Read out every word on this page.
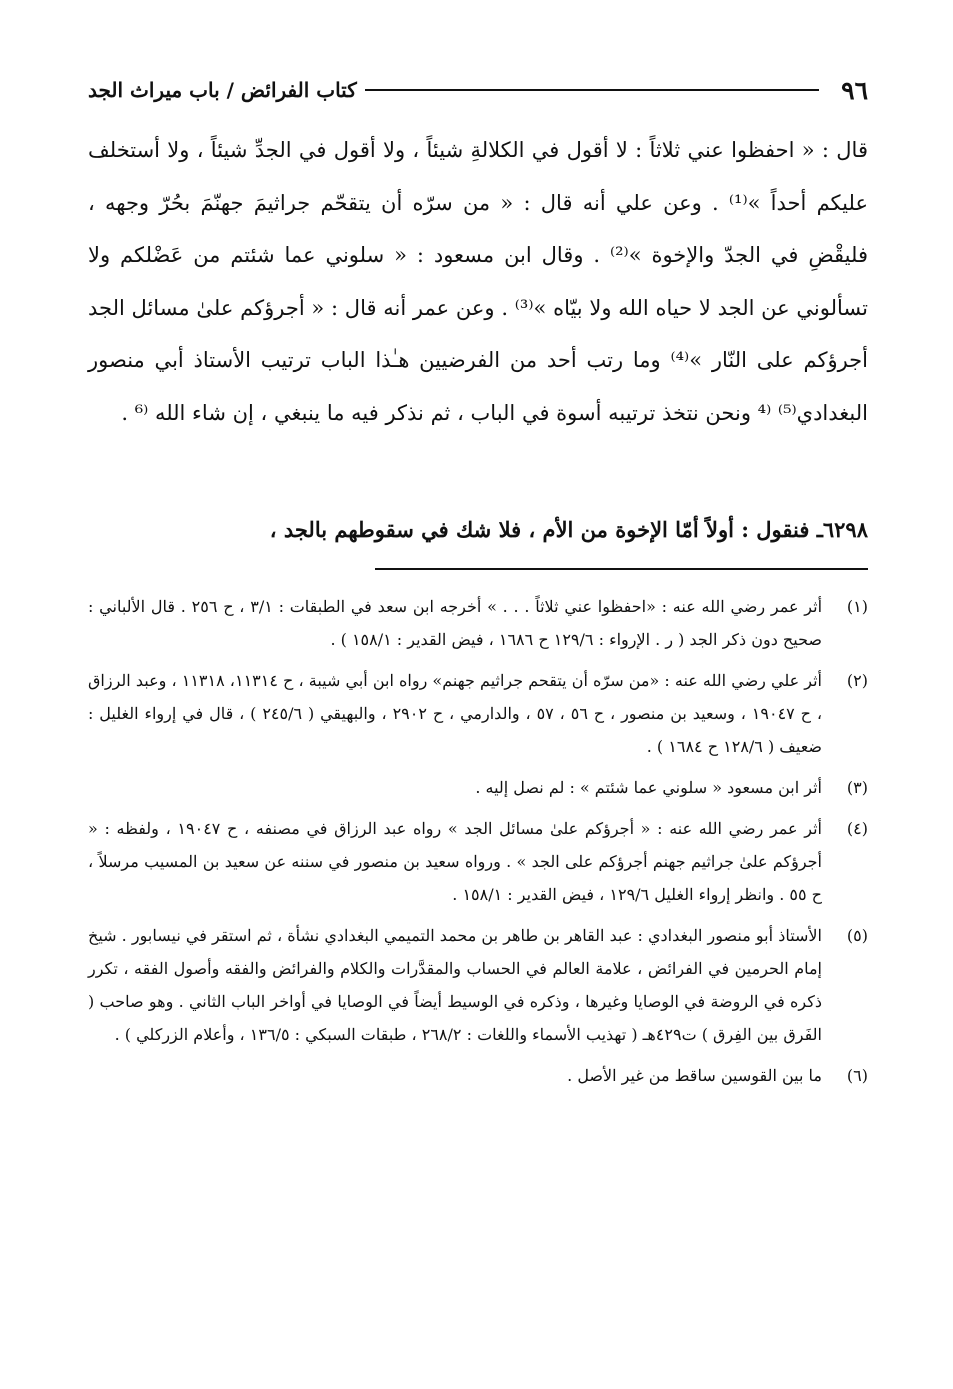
٩٦
كتاب الفرائض / باب ميراث الجد

قال : « احفظوا عني ثلاثاً : لا أقول في الكلالةِ شيئاً ، ولا أقول في الجدِّ شيئاً ، ولا أستخلف عليكم أحداً »⁽¹⁾ . وعن علي أنه قال : « من سرّه أن يتقحّم جراثيمَ جهنّمَ بحُرّ وجهه ، فليقْضِ في الجدّ والإخوة »⁽²⁾ . وقال ابن مسعود : « سلوني عما شئتم من عَضْلكم ولا تسألوني عن الجد لا حياه الله ولا بيّاه »⁽³⁾ . وعن عمر أنه قال : « أجرؤكم علىٰ مسائل الجد أجرؤكم على النّار »⁽⁴⁾ وما رتب أحد من الفرضيين هـٰذا الباب ترتيب الأستاذ أبي منصور البغدادي⁽⁵⁾ ⁽⁴ ونحن نتخذ ترتيبه أسوة في الباب ، ثم نذكر فيه ما ينبغي ، إن شاء الله ⁽⁶ .

٦٢٩٨ـ فنقول : أولاً أمّا الإخوة من الأم ، فلا شك في سقوطهم بالجد ،
(١)
أثر عمر رضي الله عنه : «احفظوا عني ثلاثاً . . . » أخرجه ابن سعد في الطبقات : ٣/١ ، ح ٢٥٦ . قال الألباني : صحيح دون ذكر الجد ( ر . الإرواء : ١٢٩/٦ ح ١٦٨٦ ، فيض القدير : ١٥٨/١ ) .
(٢)
أثر علي رضي الله عنه : «من سرّه أن يتقحم جراثيم جهنم» رواه ابن أبي شيبة ، ح ١١٣١٤، ١١٣١٨ ، وعبد الرزاق ، ح ١٩٠٤٧ ، وسعيد بن منصور ، ح ٥٦ ، ٥٧ ، والدارمي ، ح ٢٩٠٢ ، والبهيقي ( ٢٤٥/٦ ) ، قال في إرواء الغليل : ضعيف ( ١٢٨/٦ ح ١٦٨٤ ) .
(٣)
أثر ابن مسعود « سلوني عما شئتم » : لم نصل إليه .
(٤)
أثر عمر رضي الله عنه : « أجرؤكم علىٰ مسائل الجد » رواه عبد الرزاق في مصنفه ، ح ١٩٠٤٧ ، ولفظه : « أجرؤكم علىٰ جراثيم جهنم أجرؤكم على الجد » . ورواه سعيد بن منصور في سننه عن سعيد بن المسيب مرسلاً ، ح ٥٥ . وانظر إرواء الغليل ١٢٩/٦ ، فيض القدير : ١٥٨/١ .
(٥)
الأستاذ أبو منصور البغدادي : عبد القاهر بن طاهر بن محمد التميمي البغدادي نشأة ، ثم استقر في نيسابور . شيخ إمام الحرمين في الفرائض ، علامة العالم في الحساب والمقدَّرات والكلام والفرائض والفقه وأصول الفقه ، تكرر ذكره في الروضة في الوصايا وغيرها ، وذكره في الوسيط أيضاً في الوصايا في أواخر الباب الثاني . وهو صاحب ( الفَرق بين الفِرق ) ت٤٢٩هـ ( تهذيب الأسماء واللغات : ٢٦٨/٢ ، طبقات السبكي : ١٣٦/٥ ، وأعلام الزركلي ) .
(٦)
ما بين القوسين ساقط من غير الأصل .
